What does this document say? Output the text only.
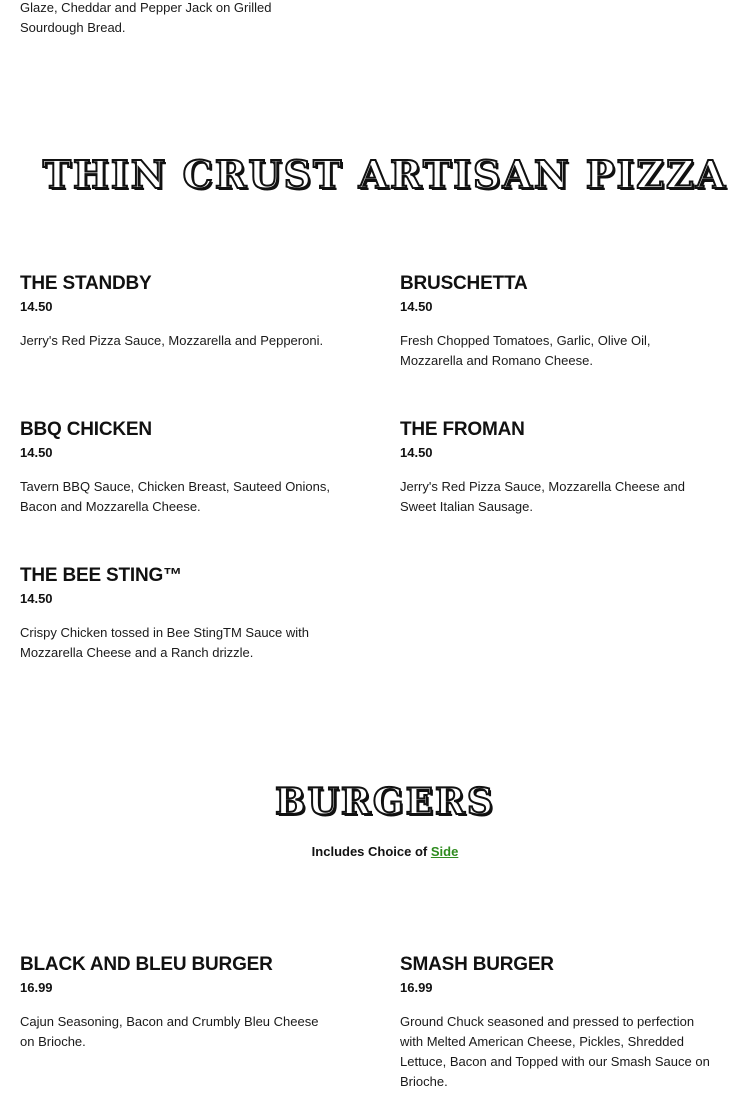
Glaze, Cheddar and Pepper Jack on Grilled Sourdough Bread.
THIN CRUST ARTISAN PIZZA
THE STANDBY
14.50
Jerry's Red Pizza Sauce, Mozzarella and Pepperoni.
BRUSCHETTA
14.50
Fresh Chopped Tomatoes, Garlic, Olive Oil, Mozzarella and Romano Cheese.
BBQ CHICKEN
14.50
Tavern BBQ Sauce, Chicken Breast, Sauteed Onions, Bacon and Mozzarella Cheese.
THE FROMAN
14.50
Jerry's Red Pizza Sauce, Mozzarella Cheese and Sweet Italian Sausage.
THE BEE STING™
14.50
Crispy Chicken tossed in Bee StingTM Sauce with Mozzarella Cheese and a Ranch drizzle.
BURGERS
Includes Choice of Side
BLACK AND BLEU BURGER
16.99
Cajun Seasoning, Bacon and Crumbly Bleu Cheese on Brioche.
SMASH BURGER
16.99
Ground Chuck seasoned and pressed to perfection with Melted American Cheese, Pickles, Shredded Lettuce, Bacon and Topped with our Smash Sauce on Brioche.
